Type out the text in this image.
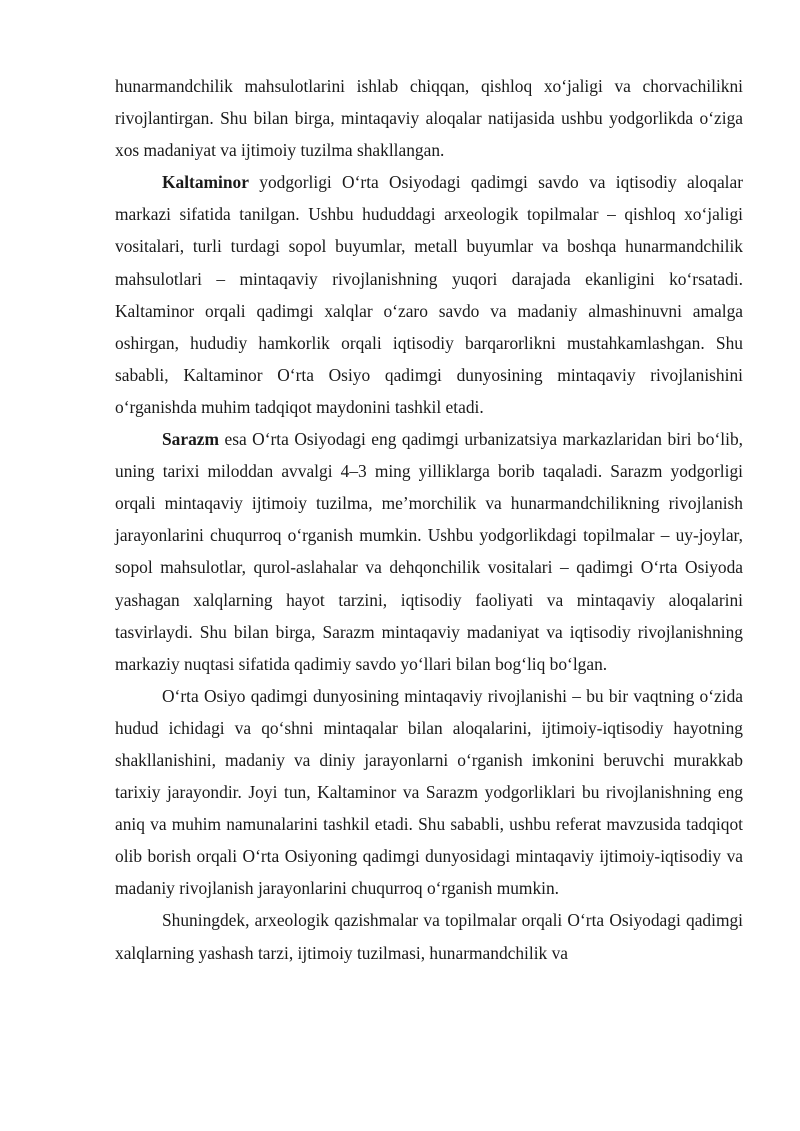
hunarmandchilik mahsulotlarini ishlab chiqqan, qishloq xo‘jaligi va chorvachilikni rivojlantirgan. Shu bilan birga, mintaqaviy aloqalar natijasida ushbu yodgorlikda o‘ziga xos madaniyat va ijtimoiy tuzilma shakllangan.

Kaltaminor yodgorligi O‘rta Osiyodagi qadimgi savdo va iqtisodiy aloqalar markazi sifatida tanilgan. Ushbu hududdagi arxeologik topilmalar – qishloq xo‘jaligi vositalari, turli turdagi sopol buyumlar, metall buyumlar va boshqa hunarmandchilik mahsulotlari – mintaqaviy rivojlanishning yuqori darajada ekanligini ko‘rsatadi. Kaltaminor orqali qadimgi xalqlar o‘zaro savdo va madaniy almashinuvni amalga oshirgan, hududiy hamkorlik orqali iqtisodiy barqarorlikni mustahkamlashgan. Shu sababli, Kaltaminor O‘rta Osiyo qadimgi dunyosining mintaqaviy rivojlanishini o‘rganishda muhim tadqiqot maydonini tashkil etadi.

Sarazm esa O‘rta Osiyodagi eng qadimgi urbanizatsiya markazlaridan biri bo‘lib, uning tarixi miloddan avvalgi 4–3 ming yilliklarga borib taqaladi. Sarazm yodgorligi orqali mintaqaviy ijtimoiy tuzilma, me’morchilik va hunarmandchilikning rivojlanish jarayonlarini chuqurroq o‘rganish mumkin. Ushbu yodgorlikdagi topilmalar – uy-joylar, sopol mahsulotlar, qurol-aslahalar va dehqonchilik vositalari – qadimgi O‘rta Osiyoda yashagan xalqlarning hayot tarzini, iqtisodiy faoliyati va mintaqaviy aloqalarini tasvirlaydi. Shu bilan birga, Sarazm mintaqaviy madaniyat va iqtisodiy rivojlanishning markaziy nuqtasi sifatida qadimiy savdo yo‘llari bilan bog‘liq bo‘lgan.

O‘rta Osiyo qadimgi dunyosining mintaqaviy rivojlanishi – bu bir vaqtning o‘zida hudud ichidagi va qo‘shni mintaqalar bilan aloqalarini, ijtimoiy-iqtisodiy hayotning shakllanishini, madaniy va diniy jarayonlarni o‘rganish imkonini beruvchi murakkab tarixiy jarayondir. Joyi tun, Kaltaminor va Sarazm yodgorliklari bu rivojlanishning eng aniq va muhim namunalarini tashkil etadi. Shu sababli, ushbu referat mavzusida tadqiqot olib borish orqali O‘rta Osiyoning qadimgi dunyosidagi mintaqaviy ijtimoiy-iqtisodiy va madaniy rivojlanish jarayonlarini chuqurroq o‘rganish mumkin.

Shuningdek, arxeologik qazishmalar va topilmalar orqali O‘rta Osiyodagi qadimgi xalqlarning yashash tarzi, ijtimoiy tuzilmasi, hunarmandchilik va
